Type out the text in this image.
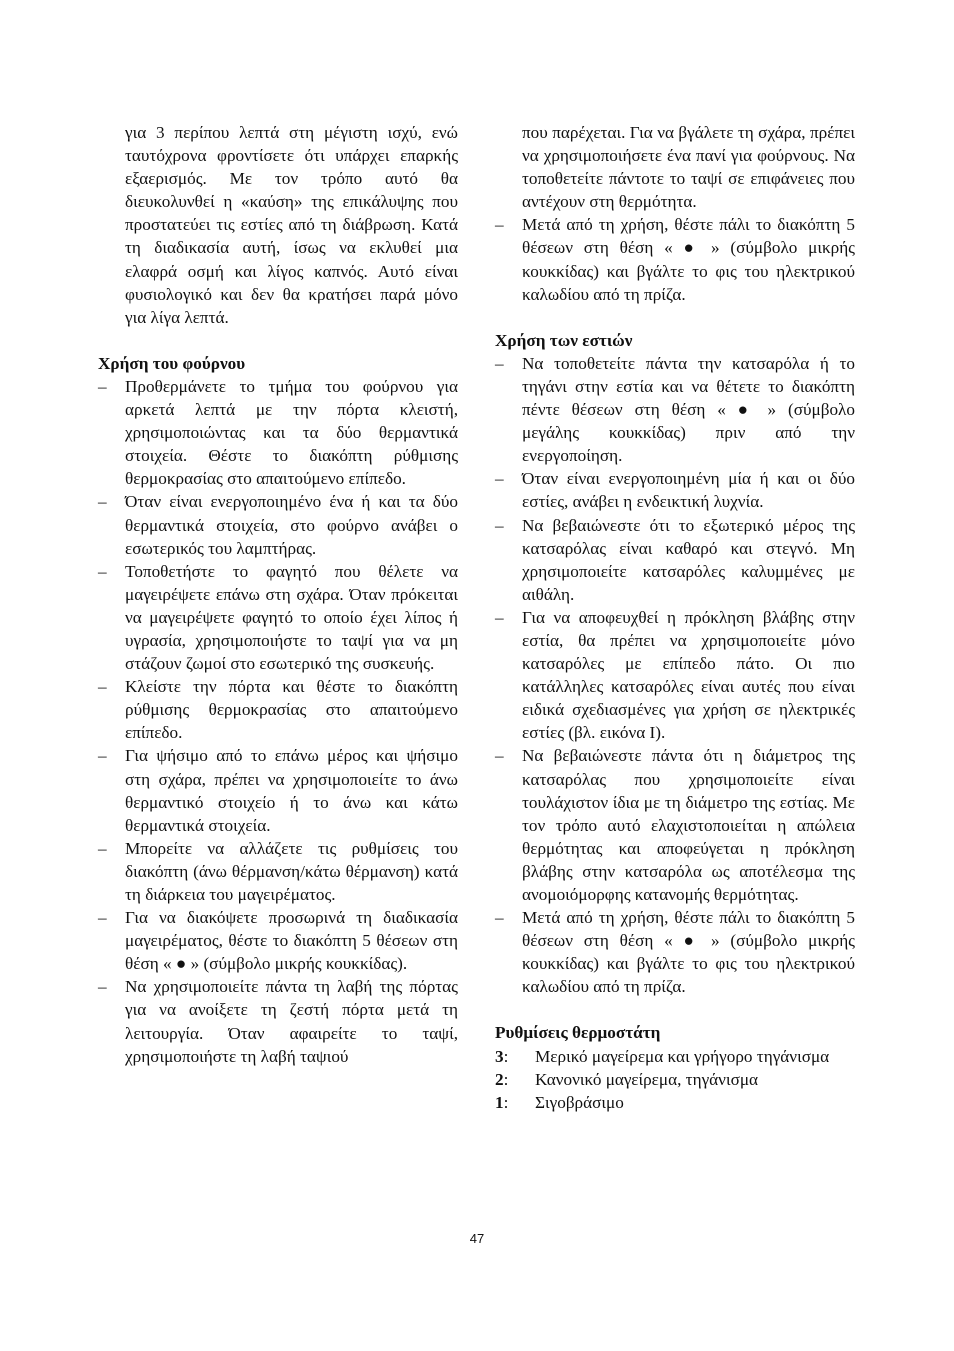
για 3 περίπου λεπτά στη μέγιστη ισχύ, ενώ ταυτόχρονα φροντίσετε ότι υπάρχει επαρκής εξαερισμός. Με τον τρόπο αυτό θα διευκολυνθεί η «καύση» της επικάλυψης που προστατεύει τις εστίες από τη διάβρωση. Κατά τη διαδικασία αυτή, ίσως να εκλυθεί μια ελαφρά οσμή και λίγος καπνός. Αυτό είναι φυσιολογικό και δεν θα κρατήσει παρά μόνο για λίγα λεπτά.

Χρήση του φούρνου

– Προθερμάνετε το τμήμα του φούρνου για αρκετά λεπτά με την πόρτα κλειστή, χρησιμοποιώντας και τα δύο θερμαντικά στοιχεία. Θέστε το διακόπτη ρύθμισης θερμοκρασίας στο απαιτούμενο επίπεδο.
– Όταν είναι ενεργοποιημένο ένα ή και τα δύο θερμαντικά στοιχεία, στο φούρνο ανάβει ο εσωτερικός του λαμπτήρας.
– Τοποθετήστε το φαγητό που θέλετε να μαγειρέψετε επάνω στη σχάρα. Όταν πρόκειται να μαγειρέψετε φαγητό το οποίο έχει λίπος ή υγρασία, χρησιμοποιήστε το ταψί για να μη στάζουν ζωμοί στο εσωτερικό της συσκευής.
– Κλείστε την πόρτα και θέστε το διακόπτη ρύθμισης θερμοκρασίας στο απαιτούμενο επίπεδο.
– Για ψήσιμο από το επάνω μέρος και ψήσιμο στη σχάρα, πρέπει να χρησιμοποιείτε το άνω θερμαντικό στοιχείο ή το άνω και κάτω θερμαντικά στοιχεία.
– Μπορείτε να αλλάζετε τις ρυθμίσεις του διακόπτη (άνω θέρμανση/κάτω θέρμανση) κατά τη διάρκεια του μαγειρέματος.
– Για να διακόψετε προσωρινά τη διαδικασία μαγειρέματος, θέστε το διακόπτη 5 θέσεων στη θέση « ● » (σύμβολο μικρής κουκκίδας).
– Να χρησιμοποιείτε πάντα τη λαβή της πόρτας για να ανοίξετε τη ζεστή πόρτα μετά τη λειτουργία. Όταν αφαιρείτε το ταψί, χρησιμοποιήστε τη λαβή ταψιού

που παρέχεται. Για να βγάλετε τη σχάρα, πρέπει να χρησιμοποιήσετε ένα πανί για φούρνους. Να τοποθετείτε πάντοτε το ταψί σε επιφάνειες που αντέχουν στη θερμότητα.

– Μετά από τη χρήση, θέστε πάλι το διακόπτη 5 θέσεων στη θέση « ● » (σύμβολο μικρής κουκκίδας) και βγάλτε το φις του ηλεκτρικού καλωδίου από τη πρίζα.

Χρήση των εστιών

– Να τοποθετείτε πάντα την κατσαρόλα ή το τηγάνι στην εστία και να θέτετε το διακόπτη πέντε θέσεων στη θέση « ● » (σύμβολο μεγάλης κουκκίδας) πριν από την ενεργοποίηση.
– Όταν είναι ενεργοποιημένη μία ή και οι δύο εστίες, ανάβει η ενδεικτική λυχνία.
– Να βεβαιώνεστε ότι το εξωτερικό μέρος της κατσαρόλας είναι καθαρό και στεγνό. Μη χρησιμοποιείτε κατσαρόλες καλυμμένες με αιθάλη.
– Για να αποφευχθεί η πρόκληση βλάβης στην εστία, θα πρέπει να χρησιμοποιείτε μόνο κατσαρόλες με επίπεδο πάτο. Οι πιο κατάλληλες κατσαρόλες είναι αυτές που είναι ειδικά σχεδιασμένες για χρήση σε ηλεκτρικές εστίες (βλ. εικόνα I).
– Να βεβαιώνεστε πάντα ότι η διάμετρος της κατσαρόλας που χρησιμοποιείτε είναι τουλάχιστον ίδια με τη διάμετρο της εστίας. Με τον τρόπο αυτό ελαχιστοποιείται η απώλεια θερμότητας και αποφεύγεται η πρόκληση βλάβης στην κατσαρόλα ως αποτέλεσμα της ανομοιόμορφης κατανομής θερμότητας.
– Μετά από τη χρήση, θέστε πάλι το διακόπτη 5 θέσεων στη θέση « ● » (σύμβολο μικρής κουκκίδας) και βγάλτε το φις του ηλεκτρικού καλωδίου από τη πρίζα.

Ρυθμίσεις θερμοστάτη

3:	Μερικό μαγείρεμα και γρήγορο τηγάνισμα
2:	Κανονικό μαγείρεμα, τηγάνισμα
1:	Σιγοβράσιμο
47
